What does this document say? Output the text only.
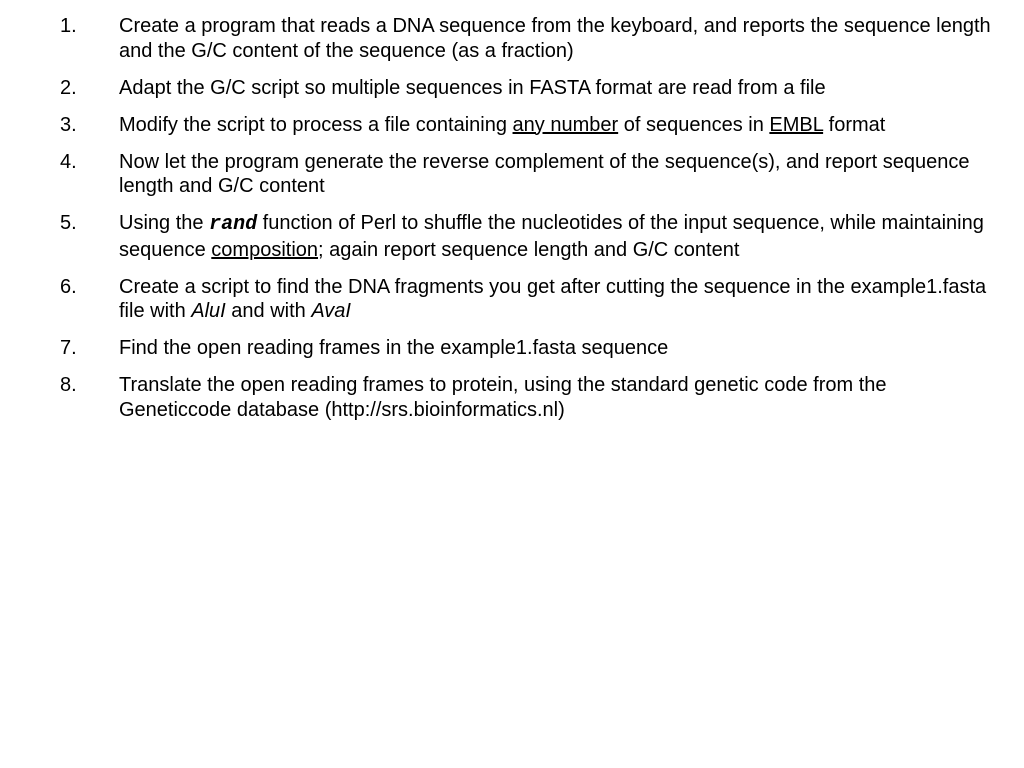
1.	Create a program that reads a DNA sequence from the keyboard, and reports the sequence length and the G/C content of the sequence (as a fraction)
2.	Adapt the G/C script so multiple sequences in FASTA format are read from a file
3.	Modify the script to process a file containing any number of sequences in EMBL format
4.	Now let the program generate the reverse complement of the sequence(s), and report sequence length and G/C content
5.	Using the rand function of Perl to shuffle the nucleotides of the input sequence, while maintaining sequence composition; again report sequence length and G/C content
6.	Create a script to find the DNA fragments you get after cutting the sequence in the example1.fasta file with AluI and with AvaI
7.	Find the open reading frames in the example1.fasta sequence
8.	Translate the open reading frames to protein, using the standard genetic code from the Geneticcode database (http://srs.bioinformatics.nl)
